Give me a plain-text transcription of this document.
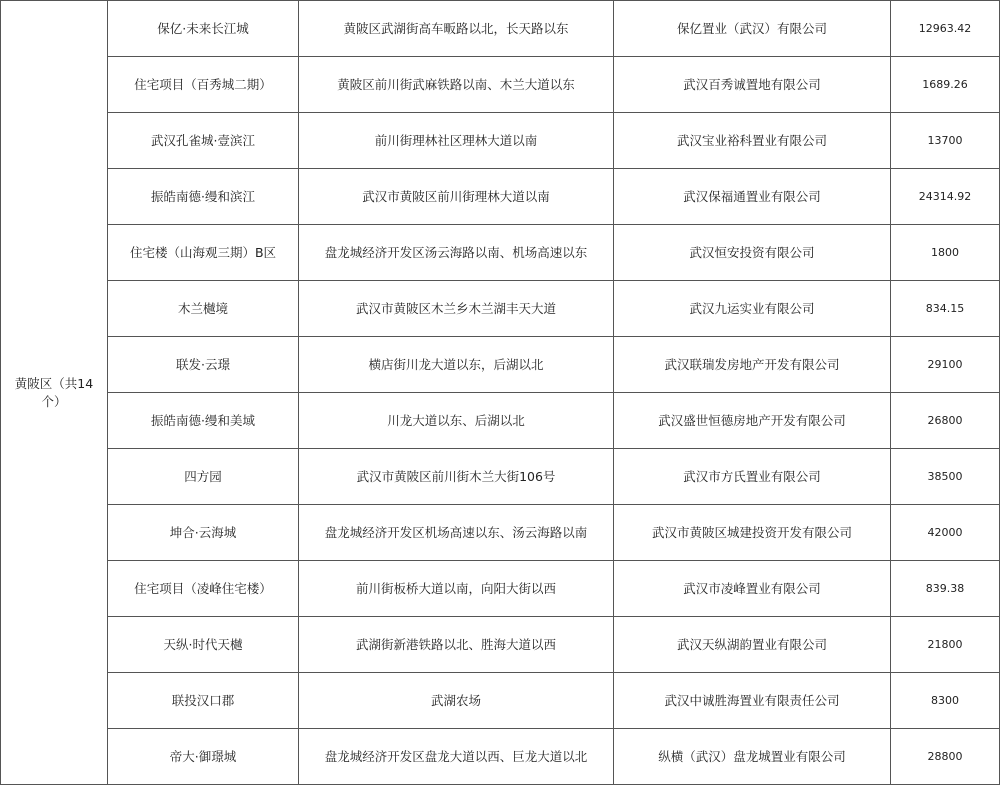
黄陂区（共14个）	保亿·未来长江城	黄陂区武湖街高车畈路以北，长天路以东	保亿置业（武汉）有限公司	12963.42
	住宅项目（百秀城二期）	黄陂区前川街武麻铁路以南、木兰大道以东	武汉百秀诚置地有限公司	1689.26
	武汉孔雀城·壹滨江	前川街理林社区理林大道以南	武汉宝业裕科置业有限公司	13700
	振皓南德·缦和滨江	武汉市黄陂区前川街理林大道以南	武汉保福通置业有限公司	24314.92
	住宅楼（山海观三期）B区	盘龙城经济开发区汤云海路以南、机场高速以东	武汉恒安投资有限公司	1800
	木兰樾境	武汉市黄陂区木兰乡木兰湖丰天大道	武汉九运实业有限公司	834.15
	联发·云璟	横店街川龙大道以东，后湖以北	武汉联瑞发房地产开发有限公司	29100
	振皓南德·缦和美域	川龙大道以东、后湖以北	武汉盛世恒德房地产开发有限公司	26800
	四方园	武汉市黄陂区前川街木兰大街106号	武汉市方氏置业有限公司	38500
	坤合·云海城	盘龙城经济开发区机场高速以东、汤云海路以南	武汉市黄陂区城建投资开发有限公司	42000
	住宅项目（凌峰住宅楼）	前川街板桥大道以南，向阳大街以西	武汉市凌峰置业有限公司	839.38
	天纵·时代天樾	武湖街新港铁路以北、胜海大道以西	武汉天纵湖韵置业有限公司	21800
	联投汉口郡	武湖农场	武汉中诚胜海置业有限责任公司	8300
	帝大·御璟城	盘龙城经济开发区盘龙大道以西、巨龙大道以北	纵横（武汉）盘龙城置业有限公司	28800
